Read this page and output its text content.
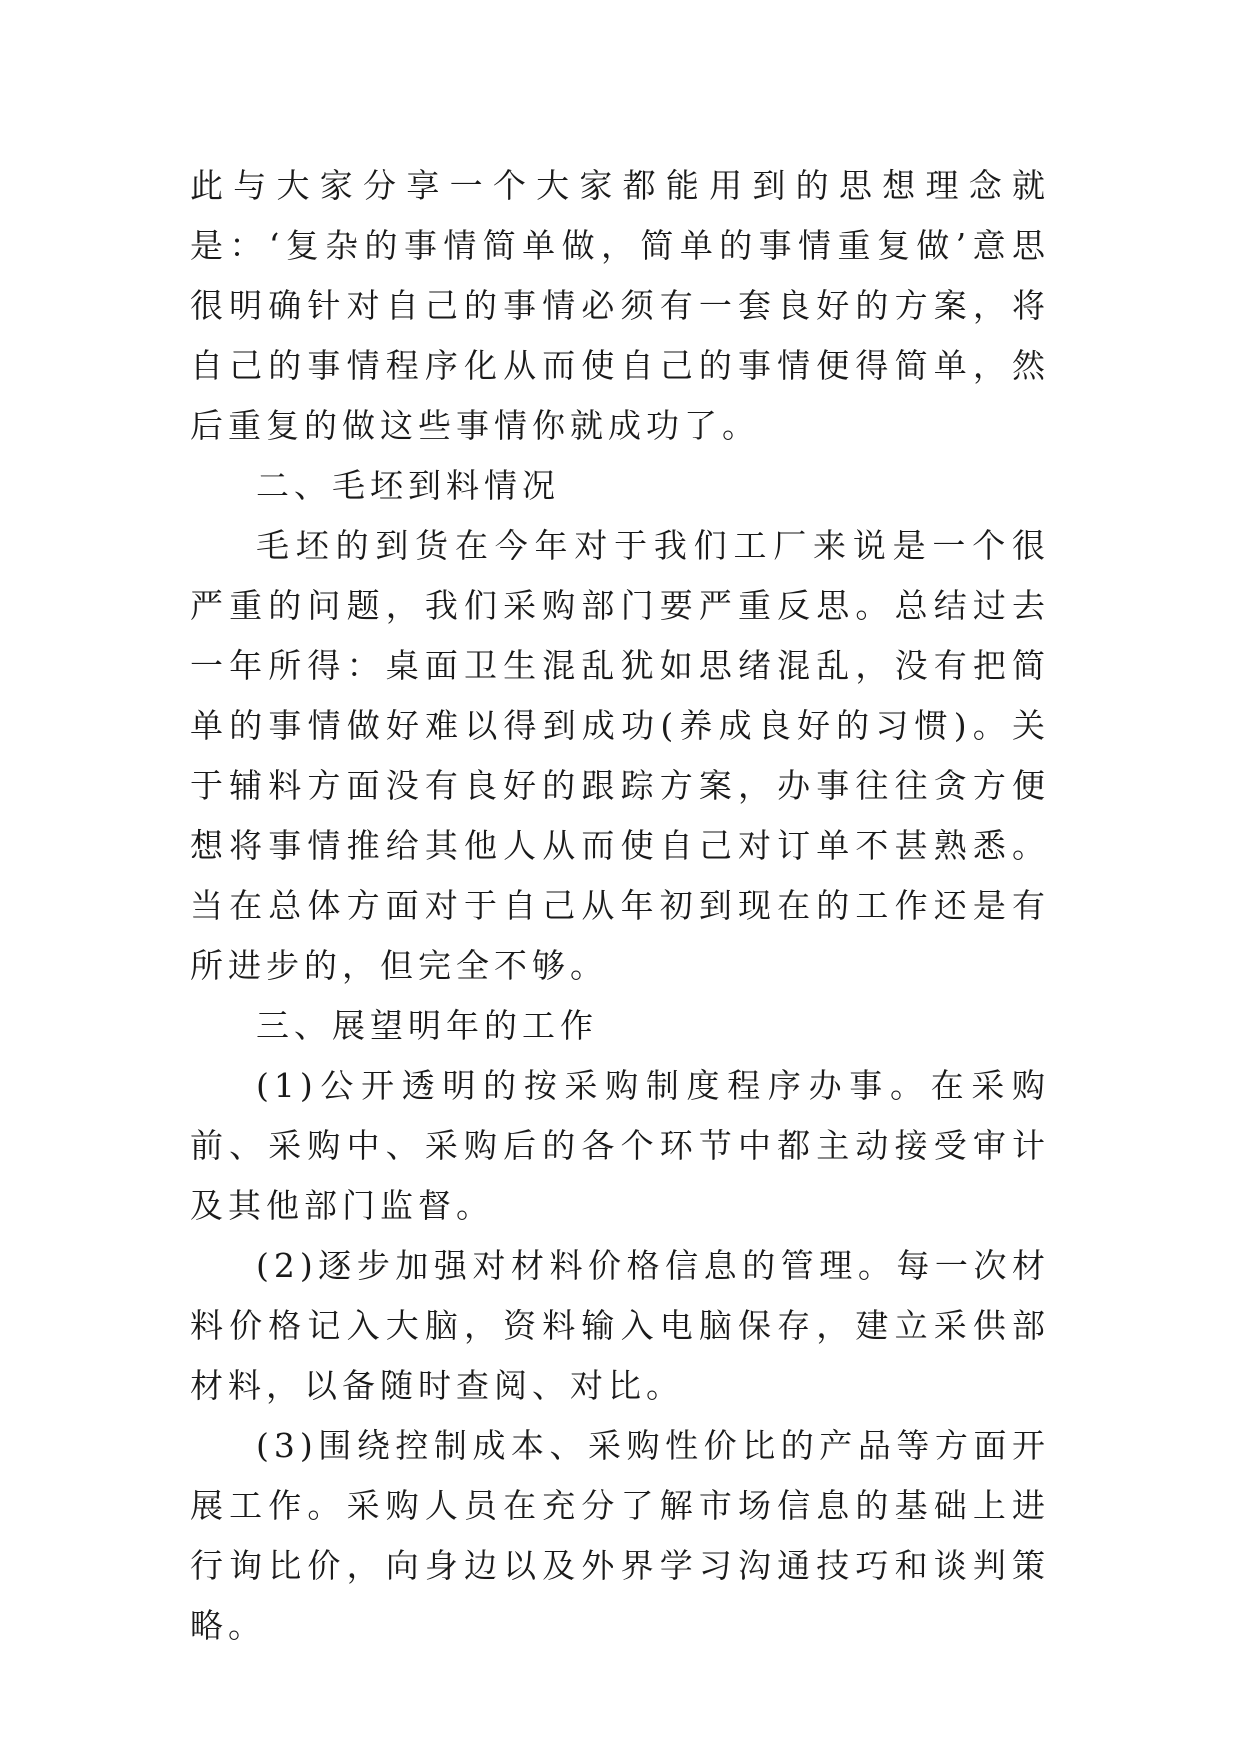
此与大家分享一个大家都能用到的思想理念就是：‘复杂的事情简单做，简单的事情重复做’意思很明确针对自己的事情必须有一套良好的方案，将自己的事情程序化从而使自己的事情便得简单，然后重复的做这些事情你就成功了。

二、毛坯到料情况

毛坯的到货在今年对于我们工厂来说是一个很严重的问题，我们采购部门要严重反思。总结过去一年所得：桌面卫生混乱犹如思绪混乱，没有把简单的事情做好难以得到成功(养成良好的习惯)。关于辅料方面没有良好的跟踪方案，办事往往贪方便想将事情推给其他人从而使自己对订单不甚熟悉。当在总体方面对于自己从年初到现在的工作还是有所进步的，但完全不够。

三、展望明年的工作

(1)公开透明的按采购制度程序办事。在采购前、采购中、采购后的各个环节中都主动接受审计及其他部门监督。

(2)逐步加强对材料价格信息的管理。每一次材料价格记入大脑，资料输入电脑保存，建立采供部材料，以备随时查阅、对比。

(3)围绕控制成本、采购性价比的产品等方面开展工作。采购人员在充分了解市场信息的基础上进行询比价，向身边以及外界学习沟通技巧和谈判策略。
